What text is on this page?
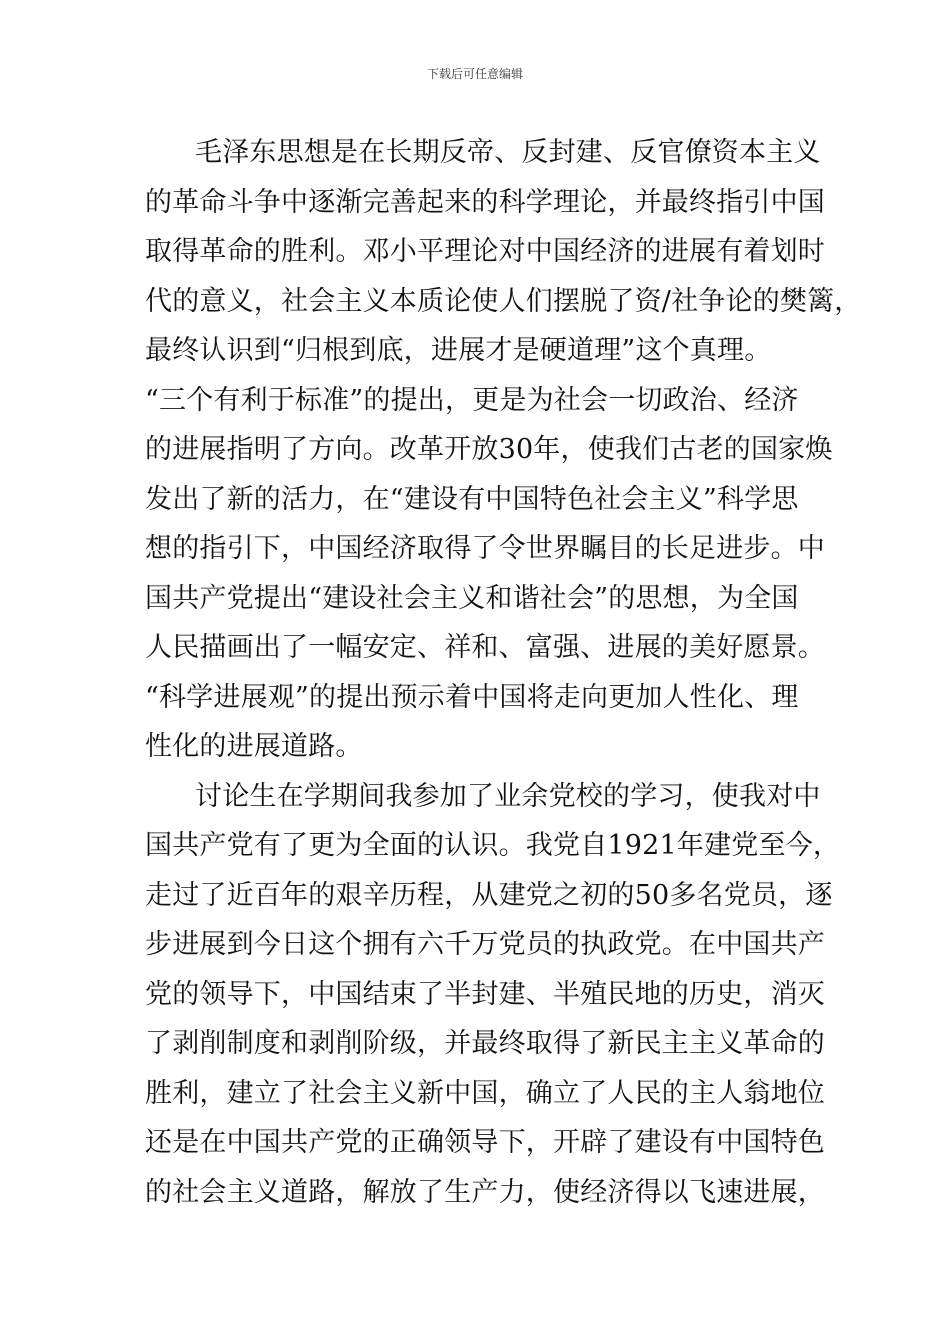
下载后可任意编辑
毛泽东思想是在长期反帝、反封建、反官僚资本主义
的革命斗争中逐渐完善起来的科学理论，并最终指引中国
取得革命的胜利。邓小平理论对中国经济的进展有着划时
代的意义，社会主义本质论使人们摆脱了资/社争论的樊篱，
最终认识到“归根到底，进展才是硬道理”这个真理。
“三个有利于标准”的提出，更是为社会一切政治、经济
的进展指明了方向。改革开放30年，使我们古老的国家焕
发出了新的活力，在“建设有中国特色社会主义”科学思
想的指引下，中国经济取得了令世界瞩目的长足进步。中
国共产党提出“建设社会主义和谐社会”的思想，为全国
人民描画出了一幅安定、祥和、富强、进展的美好愿景。
“科学进展观”的提出预示着中国将走向更加人性化、理
性化的进展道路。
讨论生在学期间我参加了业余党校的学习，使我对中
国共产党有了更为全面的认识。我党自1921年建党至今，
走过了近百年的艰辛历程，从建党之初的50多名党员，逐
步进展到今日这个拥有六千万党员的执政党。在中国共产
党的领导下，中国结束了半封建、半殖民地的历史，消灭
了剥削制度和剥削阶级，并最终取得了新民主主义革命的
胜利，建立了社会主义新中国，确立了人民的主人翁地位
还是在中国共产党的正确领导下，开辟了建设有中国特色
的社会主义道路，解放了生产力，使经济得以飞速进展，
